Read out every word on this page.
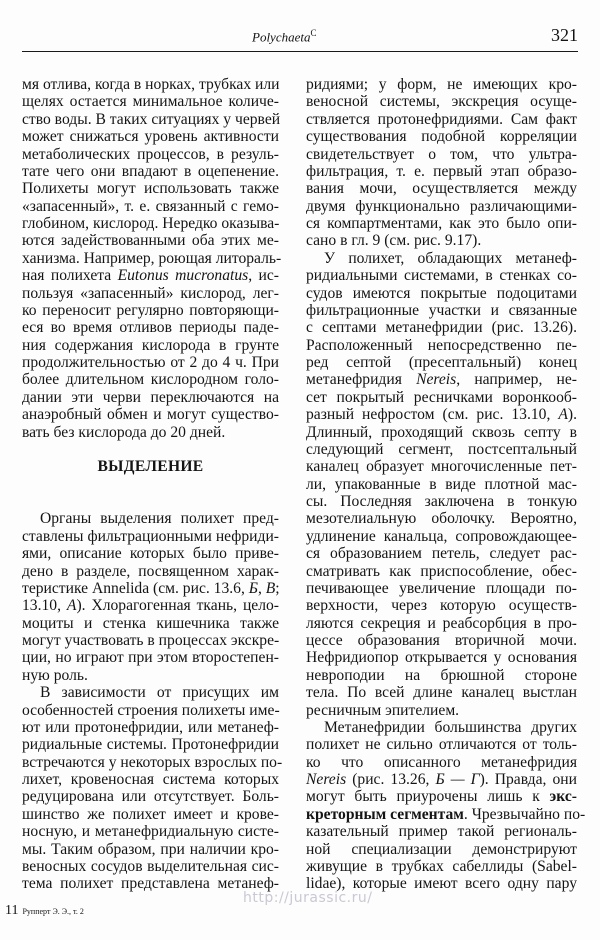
Polychaeta$^C$	321
мя отлива, когда в норках, трубках или
щелях остается минимальное количе-
ство воды. В таких ситуациях у червей
может снижаться уровень активности
метаболических процессов, в резуль-
тате чего они впадают в оцепенение.
Полихеты могут использовать также
«запасенный», т. е. связанный с гемо-
глобином, кислород. Нередко оказыва-
ются задействованными оба этих ме-
ханизма. Например, роющая литораль-
ная полихета Eutonus mucronatus, ис-
пользуя «запасенный» кислород, лег-
ко переносит регулярно повторяющи-
еся во время отливов периоды паде-
ния содержания кислорода в грунте
продолжительностью от 2 до 4 ч. При
более длительном кислородном голо-
дании эти черви переключаются на
анаэробный обмен и могут существо-
вать без кислорода до 20 дней.
ВЫДЕЛЕНИЕ
Органы выделения полихет пред-
ставлены фильтрационными нефриди-
ями, описание которых было приве-
дено в разделе, посвященном харак-
теристике Annelida (см. рис. 13.6, Б, В;
13.10, А). Хлорагогенная ткань, цело-
моциты и стенка кишечника также
могут участвовать в процессах экскре-
ции, но играют при этом второстепен-
ную роль.
В зависимости от присущих им
особенностей строения полихеты име-
ют или протонефридии, или метанеф-
ридиальные системы. Протонефридии
встречаются у некоторых взрослых по-
лихет, кровеносная система которых
редуцирована или отсутствует. Боль-
шинство же полихет имеет и крове-
носную, и метанефридиальную систе-
мы. Таким образом, при наличии кро-
веносных сосудов выделительная сис-
тема полихет представлена метанеф-
ридиями; у форм, не имеющих кро-
веносной системы, экскреция осуще-
ствляется протонефридиями. Сам факт
существования подобной корреляции
свидетельствует о том, что ультра-
фильтрация, т. е. первый этап образо-
вания мочи, осуществляется между
двумя функционально различающими-
ся компартментами, как это было опи-
сано в гл. 9 (см. рис. 9.17).
У полихет, обладающих метанеф-
ридиальными системами, в стенках со-
судов имеются покрытые подоцитами
фильтрационные участки и связанные
с септами метанефридии (рис. 13.26).
Расположенный непосредственно пе-
ред септой (пресептальный) конец
метанефридия Nereis, например, не-
сет покрытый ресничками воронкооб-
разный нефростом (см. рис. 13.10, А).
Длинный, проходящий сквозь септу в
следующий сегмент, постсептальный
каналец образует многочисленные пет-
ли, упакованные в виде плотной мас-
сы. Последняя заключена в тонкую
мезотелиальную оболочку. Вероятно,
удлинение канальца, сопровождающее-
ся образованием петель, следует рас-
сматривать как приспособление, обес-
печивающее увеличение площади по-
верхности, через которую осуществ-
ляются секреция и реабсорбция в про-
цессе образования вторичной мочи.
Нефридиопор открывается у основания
невроподии на брюшной стороне
тела. По всей длине каналец выстлан
ресничным эпителием.
Метанефридии большинства других
полихет не сильно отличаются от толь-
ко что описанного метанефридия
Nereis (рис. 13.26, Б — Г). Правда, они
могут быть приурочены лишь к экс-
креторным сегментам. Чрезвычайно по-
казательный пример такой региональ-
ной специализации демонстрируют
живущие в трубках сабеллиды (Sabel-
lidae), которые имеют всего одну пару
http://jurassic.ru/
11 Рупперт Э. Э., т. 2
